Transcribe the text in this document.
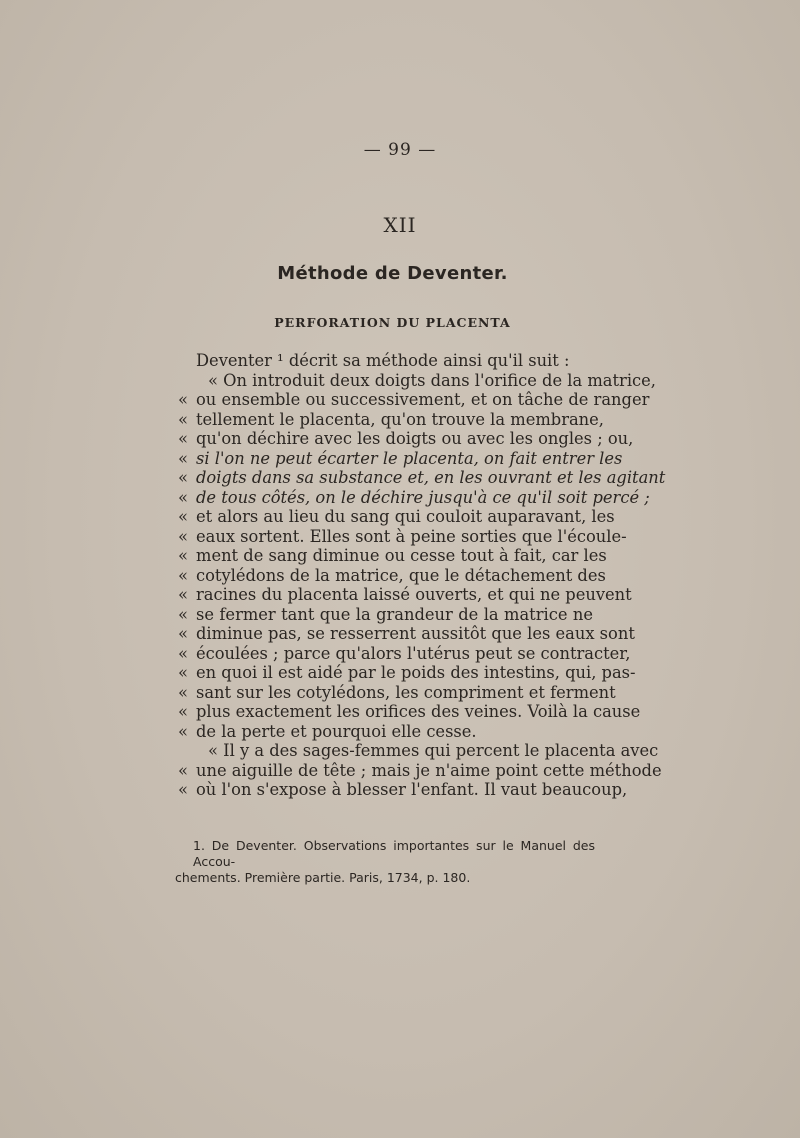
— 99 —
XII
Méthode de Deventer.
PERFORATION DU PLACENTA
Deventer ¹ décrit sa méthode ainsi qu'il suit :
« On introduit deux doigts dans l'orifice de la matrice,
« ou ensemble ou successivement, et on tâche de ranger
« tellement le placenta, qu'on trouve la membrane,
« qu'on déchire avec les doigts ou avec les ongles ; ou,
« si l'on ne peut écarter le placenta, on fait entrer les
« doigts dans sa substance et, en les ouvrant et les agitant
« de tous côtés, on le déchire jusqu'à ce qu'il soit percé ;
« et alors au lieu du sang qui couloit auparavant, les
« eaux sortent. Elles sont à peine sorties que l'écoule-
« ment de sang diminue ou cesse tout à fait, car les
« cotylédons de la matrice, que le détachement des
« racines du placenta laissé ouverts, et qui ne peuvent
« se fermer tant que la grandeur de la matrice ne
« diminue pas, se resserrent aussitôt que les eaux sont
« écoulées ; parce qu'alors l'utérus peut se contracter,
« en quoi il est aidé par le poids des intestins, qui, pas-
« sant sur les cotylédons, les compriment et ferment
« plus exactement les orifices des veines. Voilà la cause
« de la perte et pourquoi elle cesse.
« Il y a des sages-femmes qui percent le placenta avec
« une aiguille de tête ; mais je n'aime point cette méthode
« où l'on s'expose à blesser l'enfant. Il vaut beaucoup,
1. De Deventer. Observations importantes sur le Manuel des Accou-
chements. Première partie. Paris, 1734, p. 180.
